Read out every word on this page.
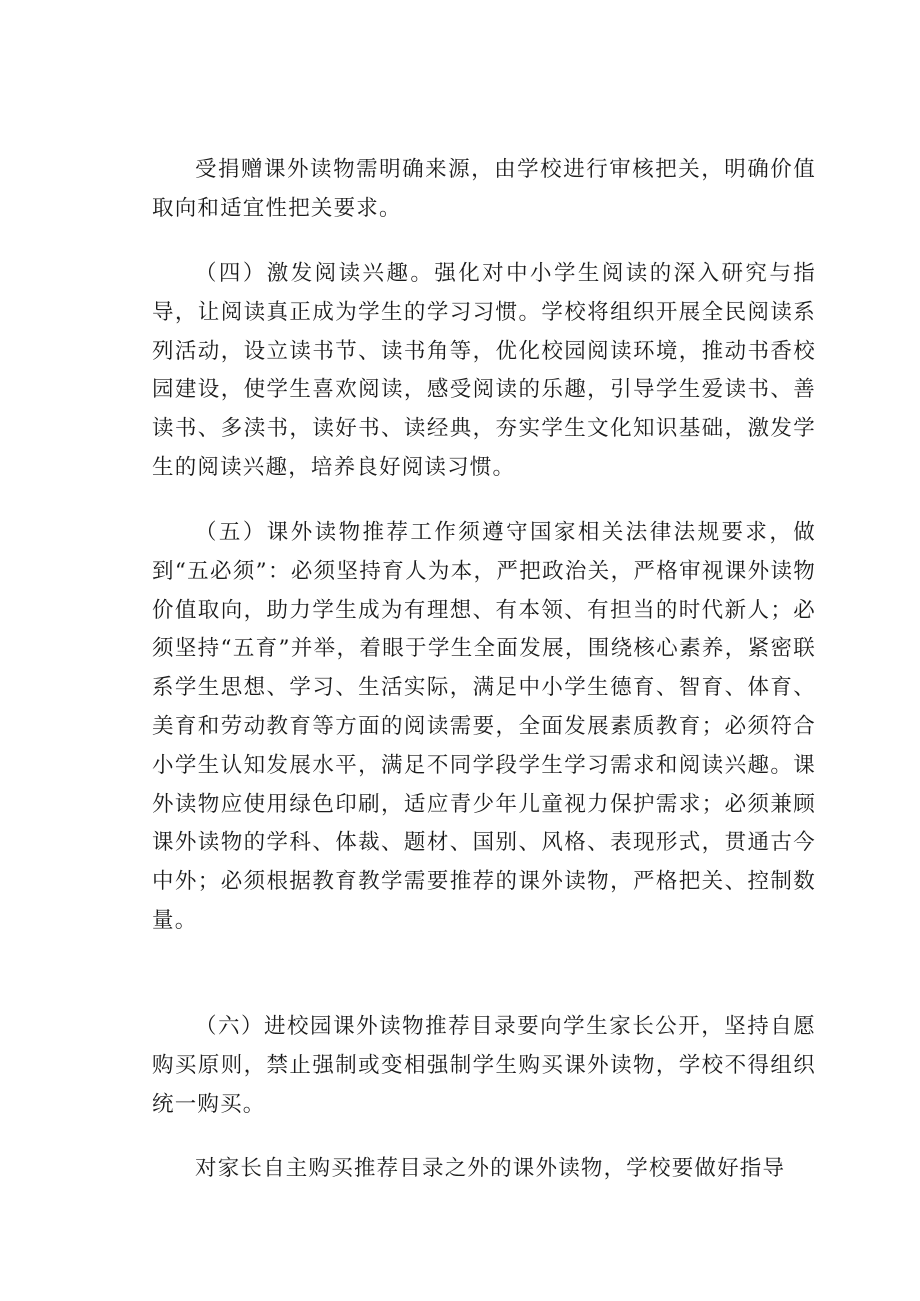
受捐赠课外读物需明确来源，由学校进行审核把关，明确价值取向和适宜性把关要求。

（四）激发阅读兴趣。强化对中小学生阅读的深入研究与指导，让阅读真正成为学生的学习习惯。学校将组织开展全民阅读系列活动，设立读书节、读书角等，优化校园阅读环境，推动书香校园建设，使学生喜欢阅读，感受阅读的乐趣，引导学生爱读书、善读书、多渎书，读好书、读经典，夯实学生文化知识基础，激发学生的阅读兴趣，培养良好阅读习惯。

（五）课外读物推荐工作须遵守国家相关法律法规要求，做到“五必须”：必须坚持育人为本，严把政治关，严格审视课外读物价值取向，助力学生成为有理想、有本领、有担当的时代新人；必须坚持“五育”并举，着眼于学生全面发展，围绕核心素养，紧密联系学生思想、学习、生活实际，满足中小学生德育、智育、体育、美育和劳动教育等方面的阅读需要，全面发展素质教育；必须符合小学生认知发展水平，满足不同学段学生学习需求和阅读兴趣。课外读物应使用绿色印刷，适应青少年儿童视力保护需求；必须兼顾课外读物的学科、体裁、题材、国别、风格、表现形式，贯通古今中外；必须根据教育教学需要推荐的课外读物，严格把关、控制数量。

（六）进校园课外读物推荐目录要向学生家长公开，坚持自愿购买原则，禁止强制或变相强制学生购买课外读物，学校不得组织统一购买。

对家长自主购买推荐目录之外的课外读物，学校要做好指导
